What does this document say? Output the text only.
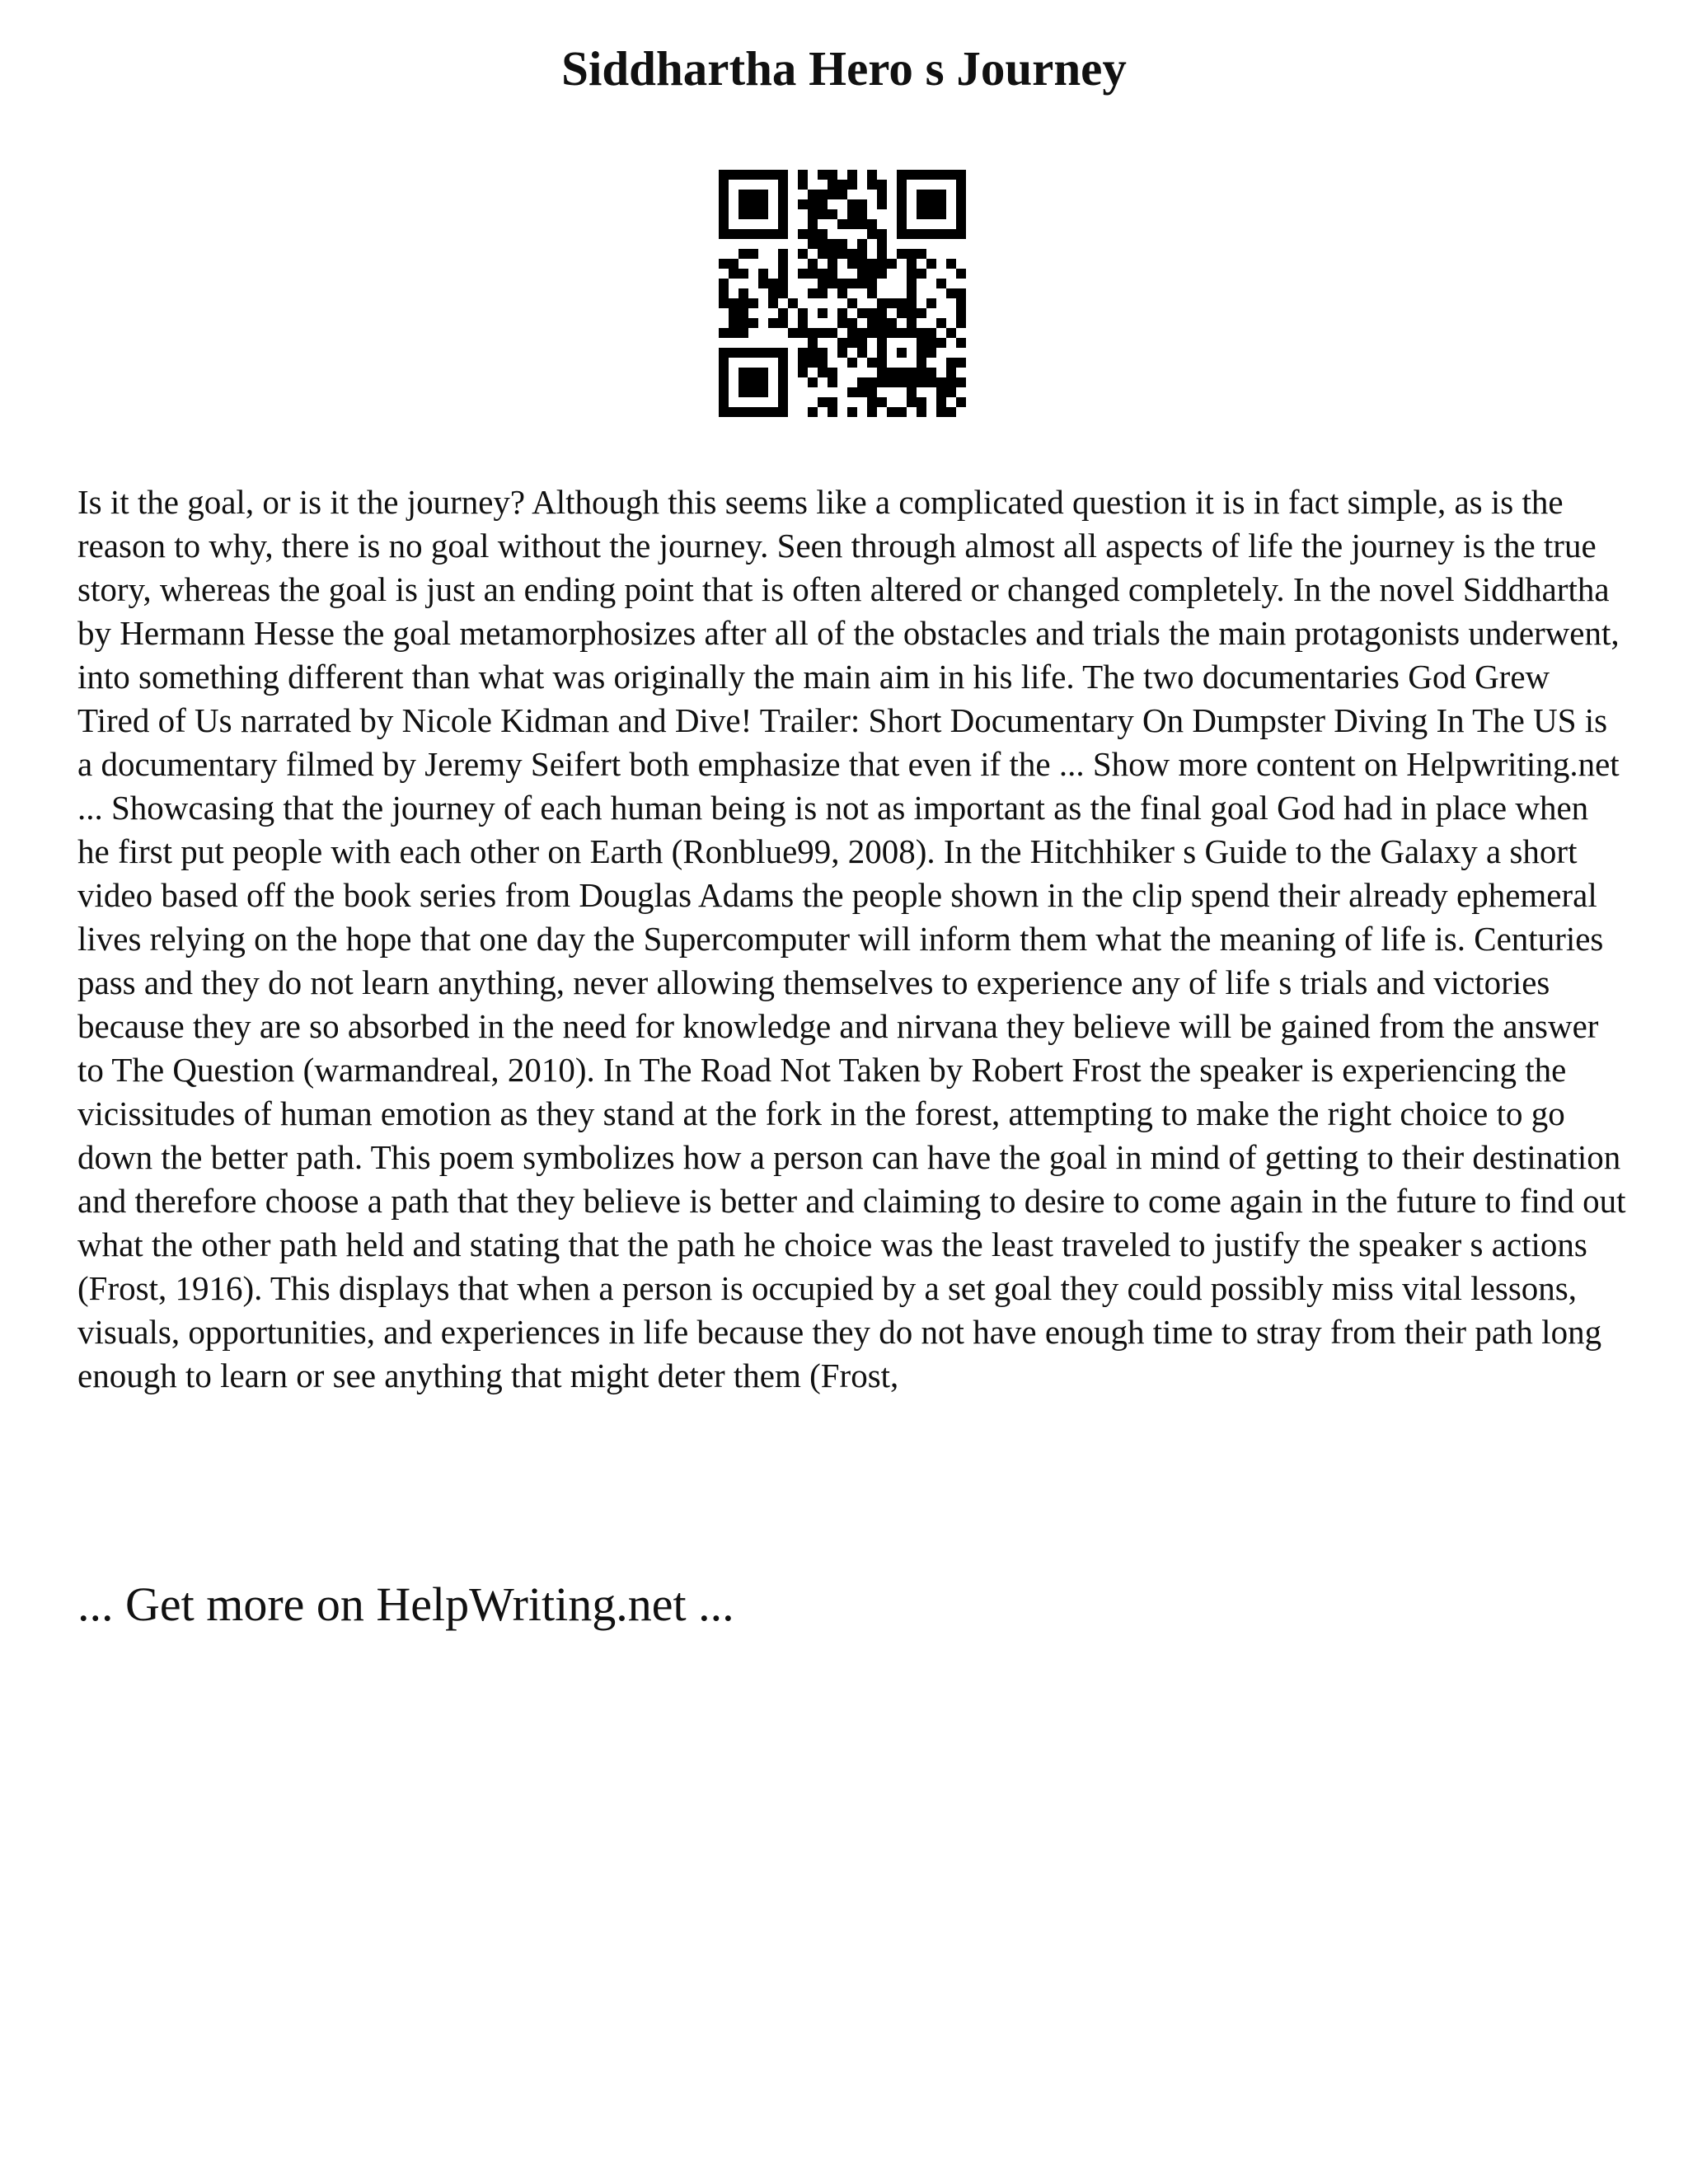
Siddhartha Hero s Journey

Is it the goal, or is it the journey? Although this seems like a complicated question it is in fact simple, as is the reason to why, there is no goal without the journey. Seen through almost all aspects of life the journey is the true story, whereas the goal is just an ending point that is often altered or changed completely. In the novel Siddhartha by Hermann Hesse the goal metamorphosizes after all of the obstacles and trials the main protagonists underwent, into something different than what was originally the main aim in his life. The two documentaries God Grew Tired of Us narrated by Nicole Kidman and Dive! Trailer: Short Documentary On Dumpster Diving In The US is a documentary filmed by Jeremy Seifert both emphasize that even if the ... Show more content on Helpwriting.net ... Showcasing that the journey of each human being is not as important as the final goal God had in place when he first put people with each other on Earth (Ronblue99, 2008). In the Hitchhiker s Guide to the Galaxy a short video based off the book series from Douglas Adams the people shown in the clip spend their already ephemeral lives relying on the hope that one day the Supercomputer will inform them what the meaning of life is. Centuries pass and they do not learn anything, never allowing themselves to experience any of life s trials and victories because they are so absorbed in the need for knowledge and nirvana they believe will be gained from the answer to The Question (warmandreal, 2010). In The Road Not Taken by Robert Frost the speaker is experiencing the vicissitudes of human emotion as they stand at the fork in the forest, attempting to make the right choice to go down the better path. This poem symbolizes how a person can have the goal in mind of getting to their destination and therefore choose a path that they believe is better and claiming to desire to come again in the future to find out what the other path held and stating that the path he choice was the least traveled to justify the speaker s actions (Frost, 1916). This displays that when a person is occupied by a set goal they could possibly miss vital lessons, visuals, opportunities, and experiences in life because they do not have enough time to stray from their path long enough to learn or see anything that might deter them (Frost,

... Get more on HelpWriting.net ...
